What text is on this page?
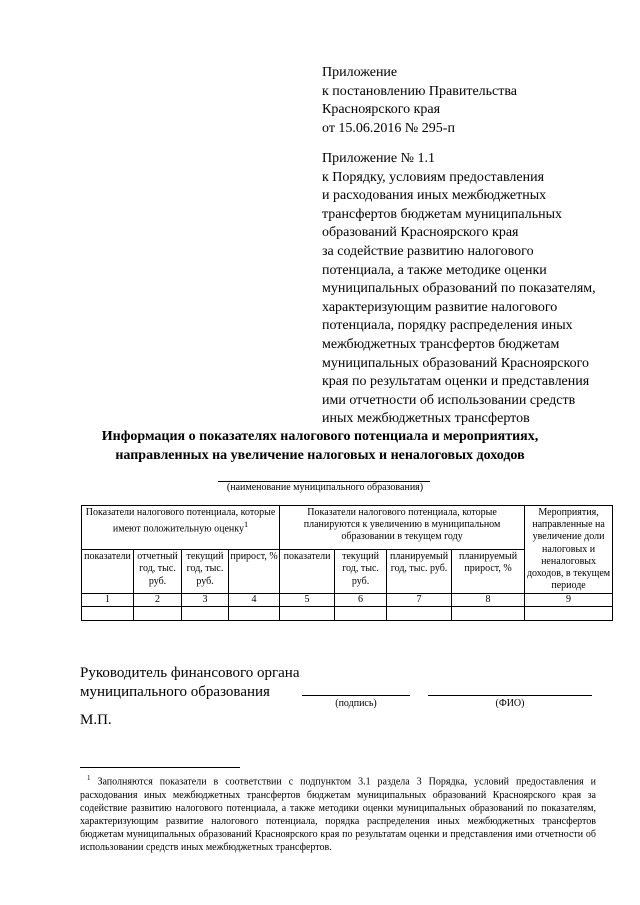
Приложение
к постановлению Правительства
Красноярского края
от 15.06.2016 № 295-п
Приложение № 1.1
к Порядку, условиям предоставления
и расходования иных межбюджетных
трансфертов бюджетам муниципальных
образований Красноярского края
за содействие развитию налогового
потенциала, а также методике оценки
муниципальных образований по показателям,
характеризующим развитие налогового
потенциала, порядку распределения иных
межбюджетных трансфертов бюджетам
муниципальных образований Красноярского
края по результатам оценки и представления
ими отчетности об использовании средств
иных межбюджетных трансфертов
Информация о показателях налогового потенциала и мероприятиях,
направленных на увеличение налоговых и неналоговых доходов
(наименование муниципального образования)
Показатели налогового потенциала, которые имеют положительную оценку$^1$				Показатели налогового потенциала, которые планируются к увеличению в муниципальном образовании в текущем году				Мероприятия, направленные на увеличение доли налоговых и неналоговых доходов, в текущем периоде
показатели	отчетный год, тыс. руб.	текущий год, тыс. руб.	прирост, %	показатели	текущий год, тыс. руб.	планируемый год, тыс. руб.	планируемый прирост, %	
1	2	3	4	5	6	7	8	9

Руководитель финансового органа
муниципального образования
(подпись)	(ФИО)
М.П.
$^1$ Заполняются показатели в соответствии с подпунктом 3.1 раздела 3 Порядка, условий предоставления и расходования иных межбюджетных трансфертов бюджетам муниципальных образований Красноярского края за содействие развитию налогового потенциала, а также методики оценки муниципальных образований по показателям, характеризующим развитие налогового потенциала, порядка распределения иных межбюджетных трансфертов бюджетам муниципальных образований Красноярского края по результатам оценки и представления ими отчетности об использовании средств иных межбюджетных трансфертов.
